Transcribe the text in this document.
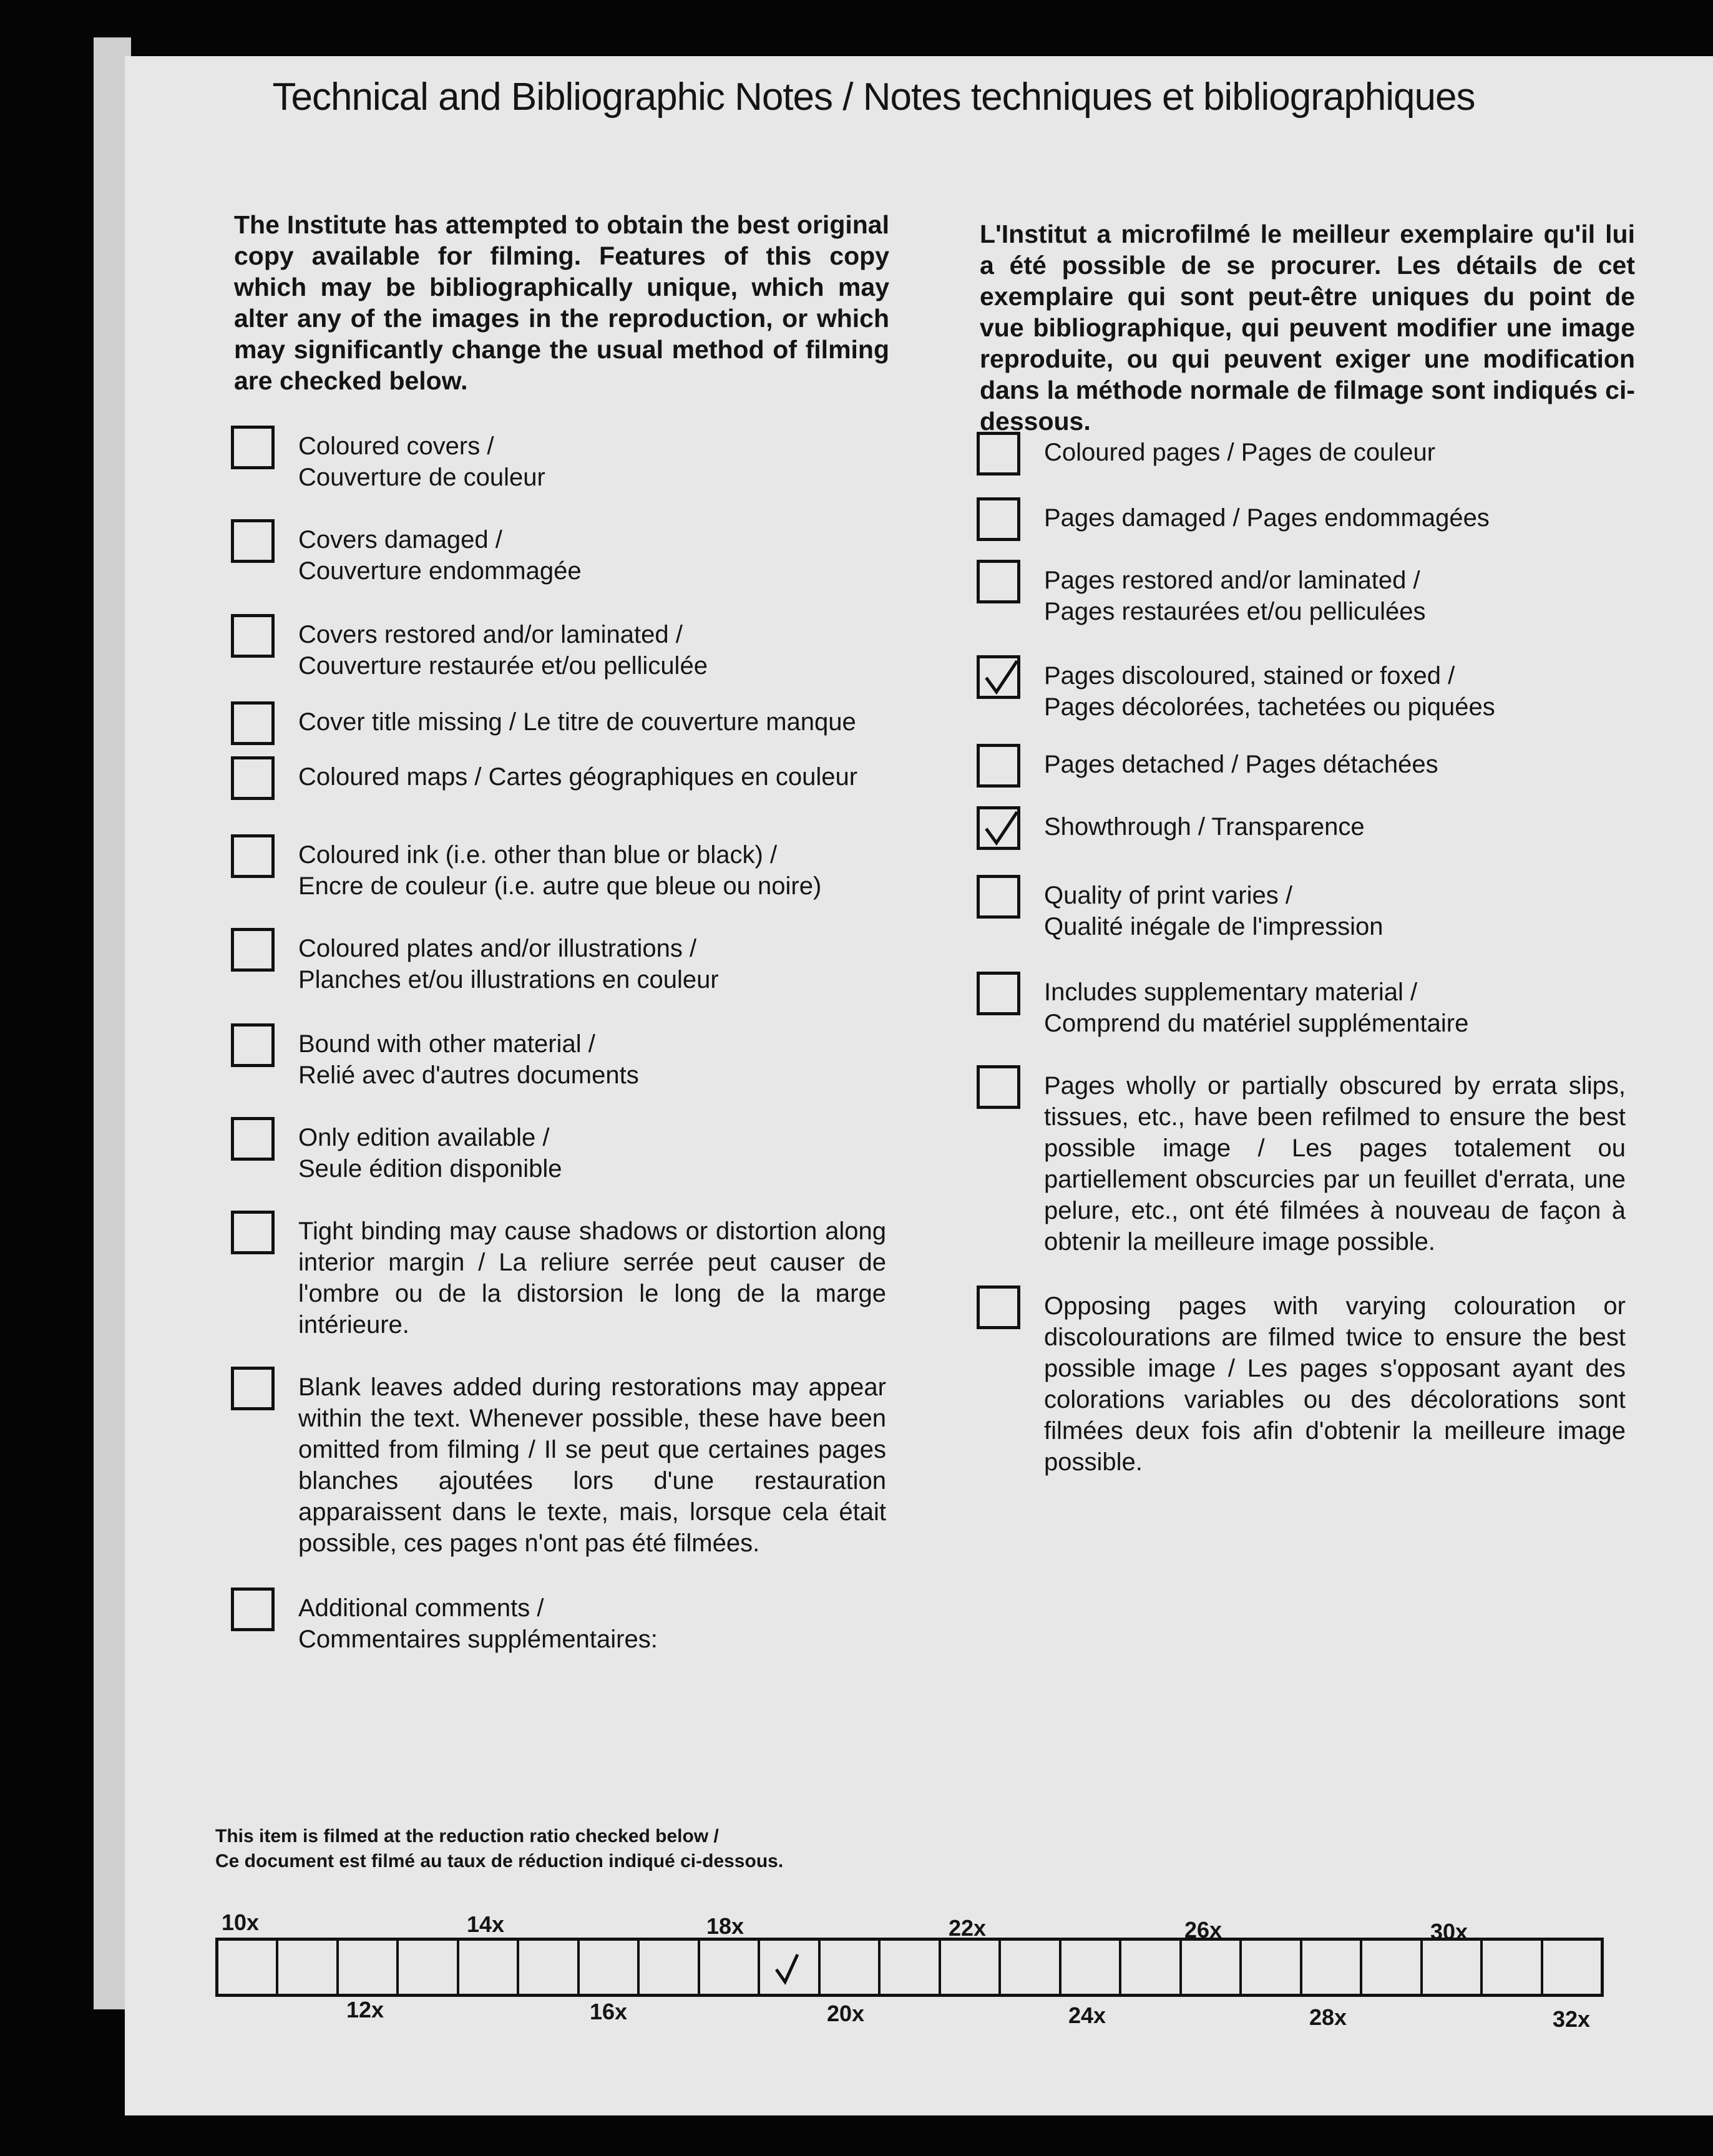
Technical and Bibliographic Notes / Notes techniques et bibliographiques
The Institute has attempted to obtain the best original copy available for filming. Features of this copy which may be bibliographically unique, which may alter any of the images in the reproduction, or which may significantly change the usual method of filming are checked below.
L'Institut a microfilmé le meilleur exemplaire qu'il lui a été possible de se procurer. Les détails de cet exemplaire qui sont peut-être uniques du point de vue bibliographique, qui peuvent modifier une image reproduite, ou qui peuvent exiger une modification dans la méthode normale de filmage sont indiqués ci-dessous.
Coloured covers /
Couverture de couleur
Covers damaged /
Couverture endommagée
Covers restored and/or laminated /
Couverture restaurée et/ou pelliculée
Cover title missing / Le titre de couverture manque
Coloured maps / Cartes géographiques en couleur
Coloured ink (i.e. other than blue or black) /
Encre de couleur (i.e. autre que bleue ou noire)
Coloured plates and/or illustrations /
Planches et/ou illustrations en couleur
Bound with other material /
Relié avec d'autres documents
Only edition available /
Seule édition disponible
Tight binding may cause shadows or distortion along interior margin / La reliure serrée peut causer de l'ombre ou de la distorsion le long de la marge intérieure.
Blank leaves added during restorations may appear within the text. Whenever possible, these have been omitted from filming / Il se peut que certaines pages blanches ajoutées lors d'une restauration apparaissent dans le texte, mais, lorsque cela était possible, ces pages n'ont pas été filmées.
Additional comments /
Commentaires supplémentaires:
Coloured pages / Pages de couleur
Pages damaged / Pages endommagées
Pages restored and/or laminated /
Pages restaurées et/ou pelliculées
Pages discoloured, stained or foxed /
Pages décolorées, tachetées ou piquées
Pages detached / Pages détachées
Showthrough / Transparence
Quality of print varies /
Qualité inégale de l'impression
Includes supplementary material /
Comprend du matériel supplémentaire
Pages wholly or partially obscured by errata slips, tissues, etc., have been refilmed to ensure the best possible image / Les pages totalement ou partiellement obscurcies par un feuillet d'errata, une pelure, etc., ont été filmées à nouveau de façon à obtenir la meilleure image possible.
Opposing pages with varying colouration or discolourations are filmed twice to ensure the best possible image / Les pages s'opposant ayant des colorations variables ou des décolorations sont filmées deux fois afin d'obtenir la meilleure image possible.
This item is filmed at the reduction ratio checked below /
Ce document est filmé au taux de réduction indiqué ci-dessous.
10x	14x	18x	22x	26x	30x
12x	16x	20x	24x	28x	32x
